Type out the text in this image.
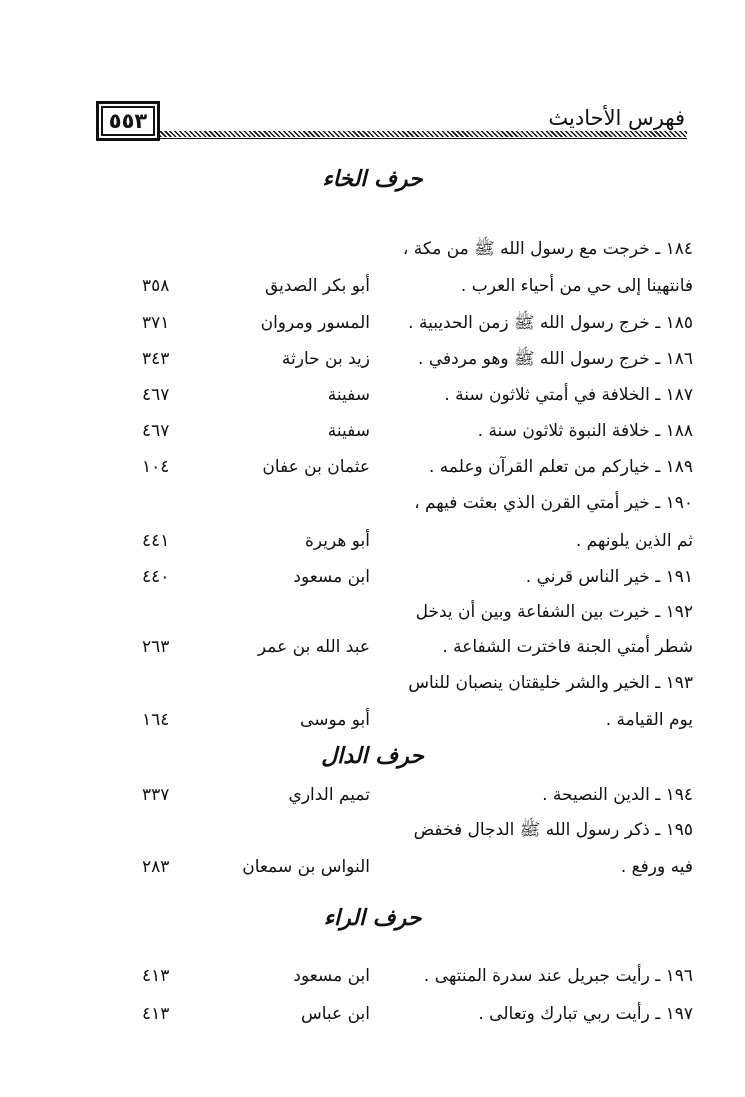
فهرس الأحاديث
٥٥٣
حرف الخاء
١٨٤ ـ خرجت مع رسول الله ﷺ من مكة ،
فانتهينا إلى حي من أحياء العرب .
أبو بكر الصديق
٣٥٨
١٨٥ ـ خرج رسول الله ﷺ زمن الحديبية .
المسور ومروان
٣٧١
١٨٦ ـ خرج رسول الله ﷺ وهو مردفي .
زيد بن حارثة
٣٤٣
١٨٧ ـ الخلافة في أمتي ثلاثون سنة .
سفينة
٤٦٧
١٨٨ ـ خلافة النبوة ثلاثون سنة .
سفينة
٤٦٧
١٨٩ ـ خياركم من تعلم القرآن وعلمه .
عثمان بن عفان
١٠٤
١٩٠ ـ خير أمتي القرن الذي بعثت فيهم ،
ثم الذين يلونهم .
أبو هريرة
٤٤١
١٩١ ـ خير الناس قرني .
ابن مسعود
٤٤٠
١٩٢ ـ خيرت بين الشفاعة وبين أن يدخل
شطر أمتي الجنة فاخترت الشفاعة .
عبد الله بن عمر
٢٦٣
١٩٣ ـ الخير والشر خليقتان ينصبان للناس
يوم القيامة .
أبو موسى
١٦٤
حرف الدال
١٩٤ ـ الدين النصيحة .
تميم الداري
٣٣٧
١٩٥ ـ ذكر رسول الله ﷺ الدجال فخفض
فيه ورفع .
النواس بن سمعان
٢٨٣
حرف الراء
١٩٦ ـ رأيت جبريل عند سدرة المنتهى .
ابن مسعود
٤١٣
١٩٧ ـ رأيت ربي تبارك وتعالى .
ابن عباس
٤١٣
